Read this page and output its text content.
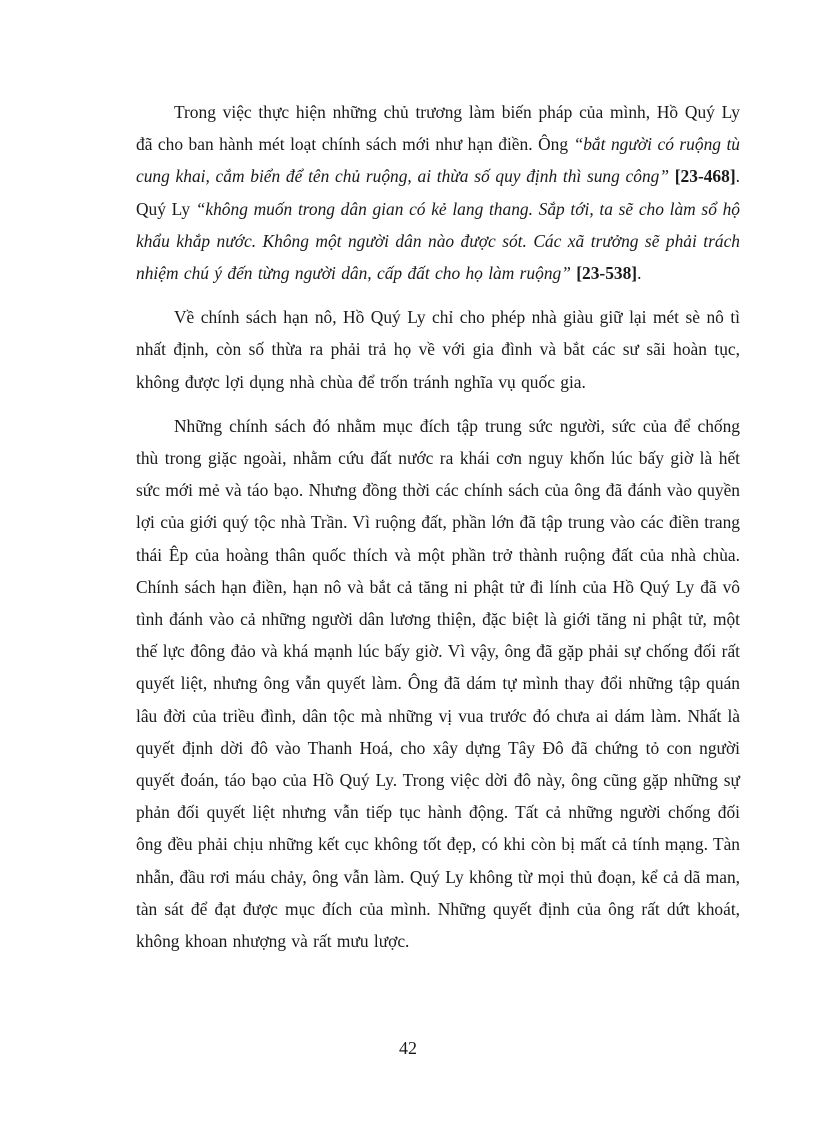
Trong việc thực hiện những chủ trương làm biến pháp của mình, Hồ Quý Ly đã cho ban hành mét loạt chính sách mới như hạn điền. Ông “bắt người có ruộng tù cung khai, cắm biển để tên chủ ruộng, ai thừa số quy định thì sung công” [23-468]. Quý Ly “không muốn trong dân gian có kẻ lang thang. Sắp tới, ta sẽ cho làm sổ hộ khẩu khắp nước. Không một người dân nào được sót. Các xã trưởng sẽ phải trách nhiệm chú ý đến từng người dân, cấp đất cho họ làm ruộng” [23-538].

Về chính sách hạn nô, Hồ Quý Ly chỉ cho phép nhà giàu giữ lại mét sè nô tì nhất định, còn số thừa ra phải trả họ về với gia đình và bắt các sư sãi hoàn tục, không được lợi dụng nhà chùa để trốn tránh nghĩa vụ quốc gia.

Những chính sách đó nhằm mục đích tập trung sức người, sức của để chống thù trong giặc ngoài, nhằm cứu đất nước ra khái cơn nguy khốn lúc bấy giờ là hết sức mới mẻ và táo bạo. Nhưng đồng thời các chính sách của ông đã đánh vào quyền lợi của giới quý tộc nhà Trần. Vì ruộng đất, phần lớn đã tập trung vào các điền trang thái Êp của hoàng thân quốc thích và một phần trở thành ruộng đất của nhà chùa. Chính sách hạn điền, hạn nô và bắt cả tăng ni phật tử đi lính của Hồ Quý Ly đã vô tình đánh vào cả những người dân lương thiện, đặc biệt là giới tăng ni phật tử, một thế lực đông đảo và khá mạnh lúc bấy giờ. Vì vậy, ông đã gặp phải sự chống đối rất quyết liệt, nhưng ông vẫn quyết làm. Ông đã dám tự mình thay đổi những tập quán lâu đời của triều đình, dân tộc mà những vị vua trước đó chưa ai dám làm. Nhất là quyết định dời đô vào Thanh Hoá, cho xây dựng Tây Đô đã chứng tỏ con người quyết đoán, táo bạo của Hồ Quý Ly. Trong việc dời đô này, ông cũng gặp những sự phản đối quyết liệt nhưng vẫn tiếp tục hành động. Tất cả những người chống đối ông đều phải chịu những kết cục không tốt đẹp, có khi còn bị mất cả tính mạng. Tàn nhẫn, đầu rơi máu chảy, ông vẫn làm. Quý Ly không từ mọi thủ đoạn, kể cả dã man, tàn sát để đạt được mục đích của mình. Những quyết định của ông rất dứt khoát, không khoan nhượng và rất mưu lược.

42
